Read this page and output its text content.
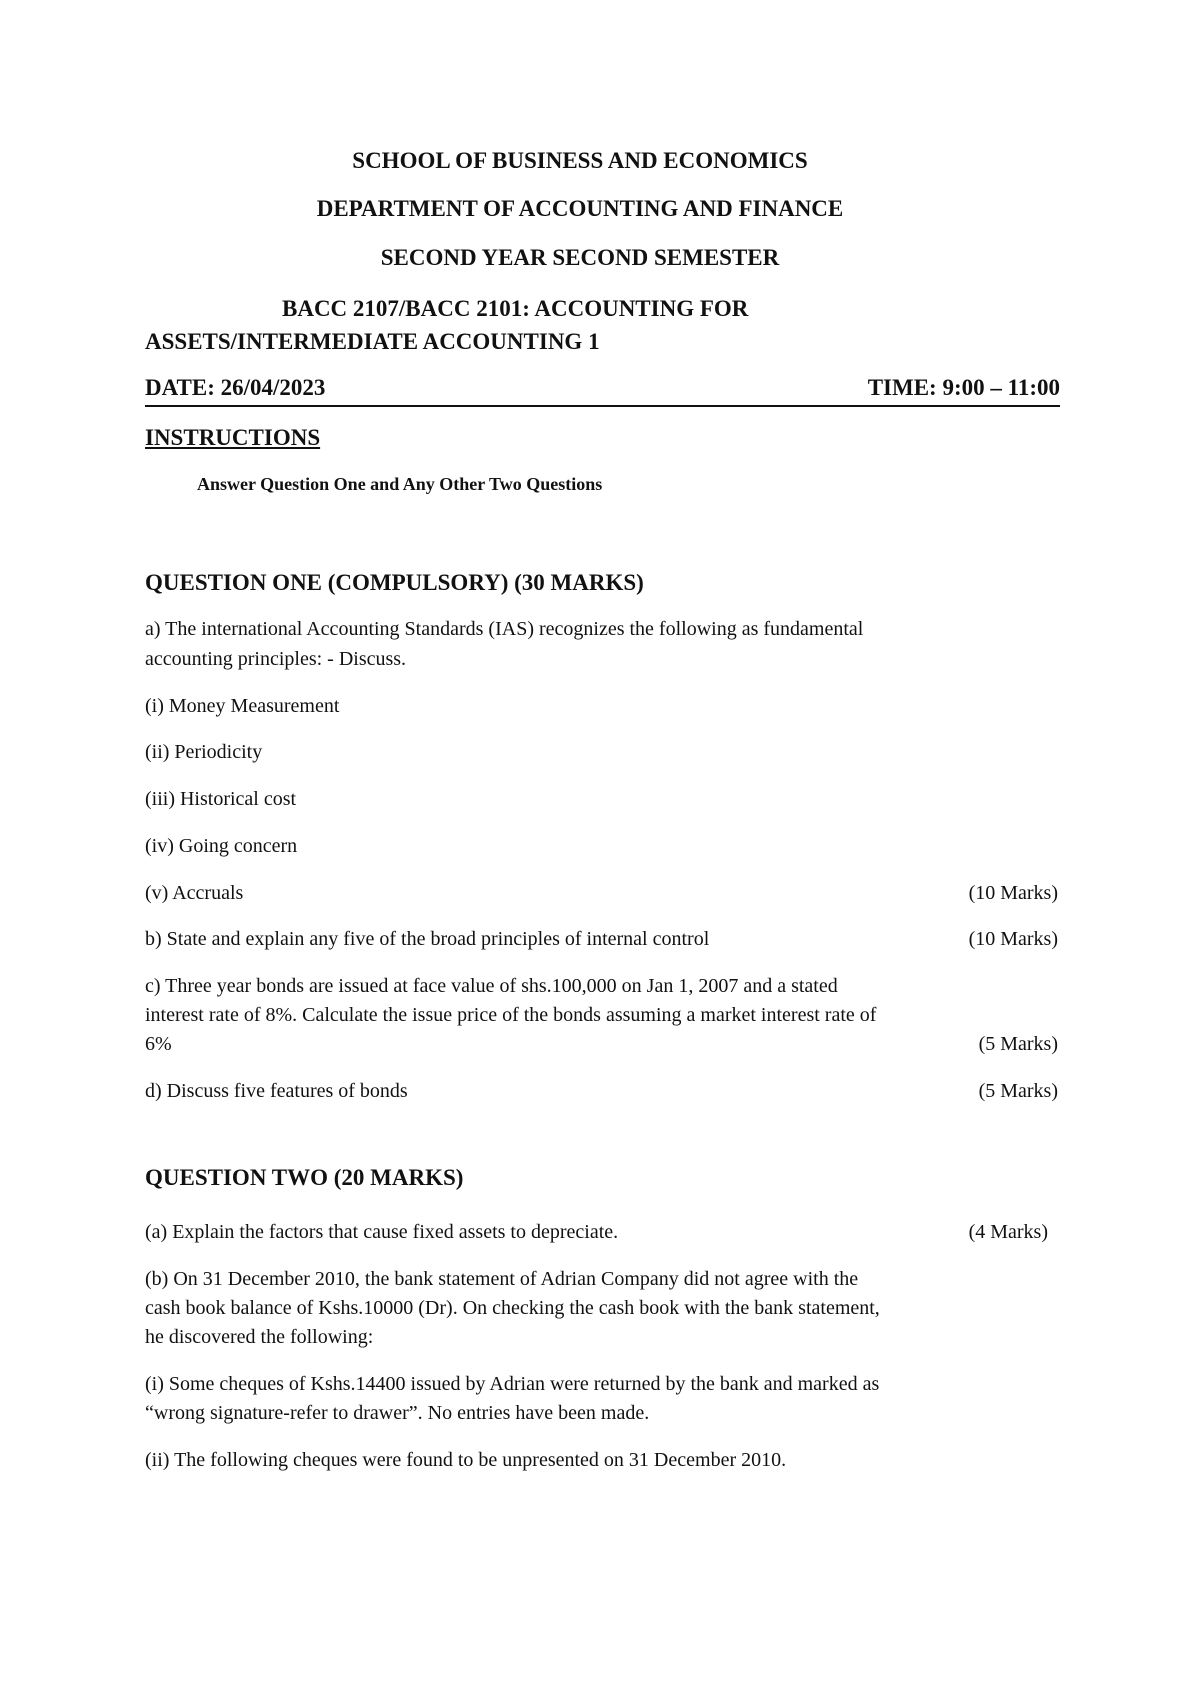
SCHOOL OF BUSINESS AND ECONOMICS
DEPARTMENT OF ACCOUNTING AND FINANCE
SECOND YEAR SECOND SEMESTER
BACC 2107/BACC 2101: ACCOUNTING FOR
ASSETS/INTERMEDIATE ACCOUNTING 1
DATE: 26/04/2023	TIME: 9:00 – 11:00
INSTRUCTIONS
Answer Question One and Any Other Two Questions
QUESTION ONE (COMPULSORY) (30 MARKS)
a) The international Accounting Standards (IAS) recognizes the following as fundamental
accounting principles: - Discuss.
(i) Money Measurement
(ii) Periodicity
(iii) Historical cost
(iv) Going concern
(v) Accruals	(10 Marks)
b) State and explain any five of the broad principles of internal control	(10 Marks)
c) Three year bonds are issued at face value of shs.100,000 on Jan 1, 2007 and a stated
interest rate of 8%. Calculate the issue price of the bonds assuming a market interest rate of
6%	(5 Marks)
d) Discuss five features of bonds	(5 Marks)
QUESTION TWO (20 MARKS)
(a) Explain the factors that cause fixed assets to depreciate.	(4 Marks)
(b) On 31 December 2010, the bank statement of Adrian Company did not agree with the
cash book balance of Kshs.10000 (Dr). On checking the cash book with the bank statement,
he discovered the following:
(i) Some cheques of Kshs.14400 issued by Adrian were returned by the bank and marked as
“wrong signature-refer to drawer”. No entries have been made.
(ii) The following cheques were found to be unpresented on 31 December 2010.
